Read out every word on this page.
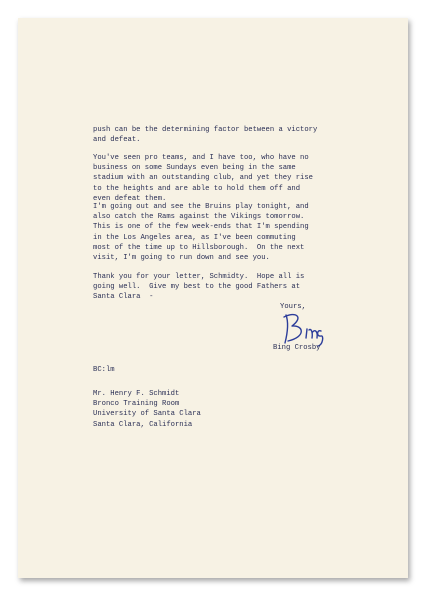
push can be the determining factor between a victory
and defeat.

You've seen pro teams, and I have too, who have no
business on some Sundays even being in the same
stadium with an outstanding club, and yet they rise
to the heights and are able to hold them off and
even defeat them.

I'm going out and see the Bruins play tonight, and
also catch the Rams against the Vikings tomorrow.
This is one of the few week-ends that I'm spending
in the Los Angeles area, as I've been commuting
most of the time up to Hillsborough.  On the next
visit, I'm going to run down and see you.

Thank you for your letter, Schmidty.  Hope all is
going well.  Give my best to the good Fathers at
Santa Clara  -

Yours,

Bing Crosby

BC:lm

Mr. Henry F. Schmidt
Bronco Training Room
University of Santa Clara
Santa Clara, California
